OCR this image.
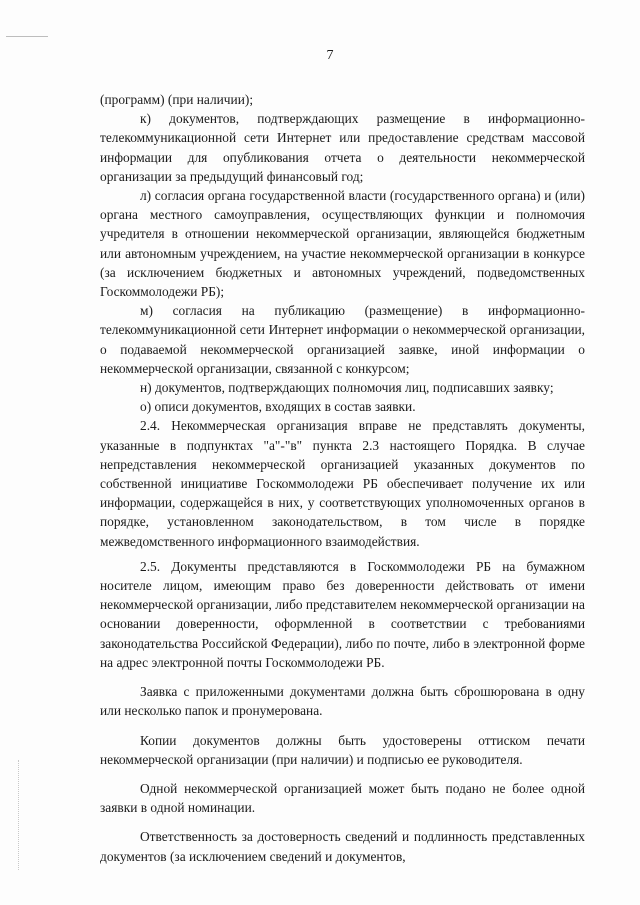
7

(программ) (при наличии);

к) документов, подтверждающих размещение в информационно-телекоммуникационной сети Интернет или предоставление средствам массовой информации для опубликования отчета о деятельности некоммерческой организации за предыдущий финансовый год;

л) согласия органа государственной власти (государственного органа) и (или) органа местного самоуправления, осуществляющих функции и полномочия учредителя в отношении некоммерческой организации, являющейся бюджетным или автономным учреждением, на участие некоммерческой организации в конкурсе (за исключением бюджетных и автономных учреждений, подведомственных Госкоммолодежи РБ);

м) согласия на публикацию (размещение) в информационно-телекоммуникационной сети Интернет информации о некоммерческой организации, о подаваемой некоммерческой организацией заявке, иной информации о некоммерческой организации, связанной с конкурсом;

н) документов, подтверждающих полномочия лиц, подписавших заявку;

о) описи документов, входящих в состав заявки.

2.4. Некоммерческая организация вправе не представлять документы, указанные в подпунктах "а"-"в" пункта 2.3 настоящего Порядка. В случае непредставления некоммерческой организацией указанных документов по собственной инициативе Госкоммолодежи РБ обеспечивает получение их или информации, содержащейся в них, у соответствующих уполномоченных органов в порядке, установленном законодательством, в том числе в порядке межведомственного информационного взаимодействия.

2.5. Документы представляются в Госкоммолодежи РБ на бумажном носителе лицом, имеющим право без доверенности действовать от имени некоммерческой организации, либо представителем некоммерческой организации на основании доверенности, оформленной в соответствии с требованиями законодательства Российской Федерации), либо по почте, либо в электронной форме на адрес электронной почты Госкоммолодежи РБ.

Заявка с приложенными документами должна быть сброшюрована в одну или несколько папок и пронумерована.

Копии документов должны быть удостоверены оттиском печати некоммерческой организации (при наличии) и подписью ее руководителя.

Одной некоммерческой организацией может быть подано не более одной заявки в одной номинации.

Ответственность за достоверность сведений и подлинность представленных документов (за исключением сведений и документов,
